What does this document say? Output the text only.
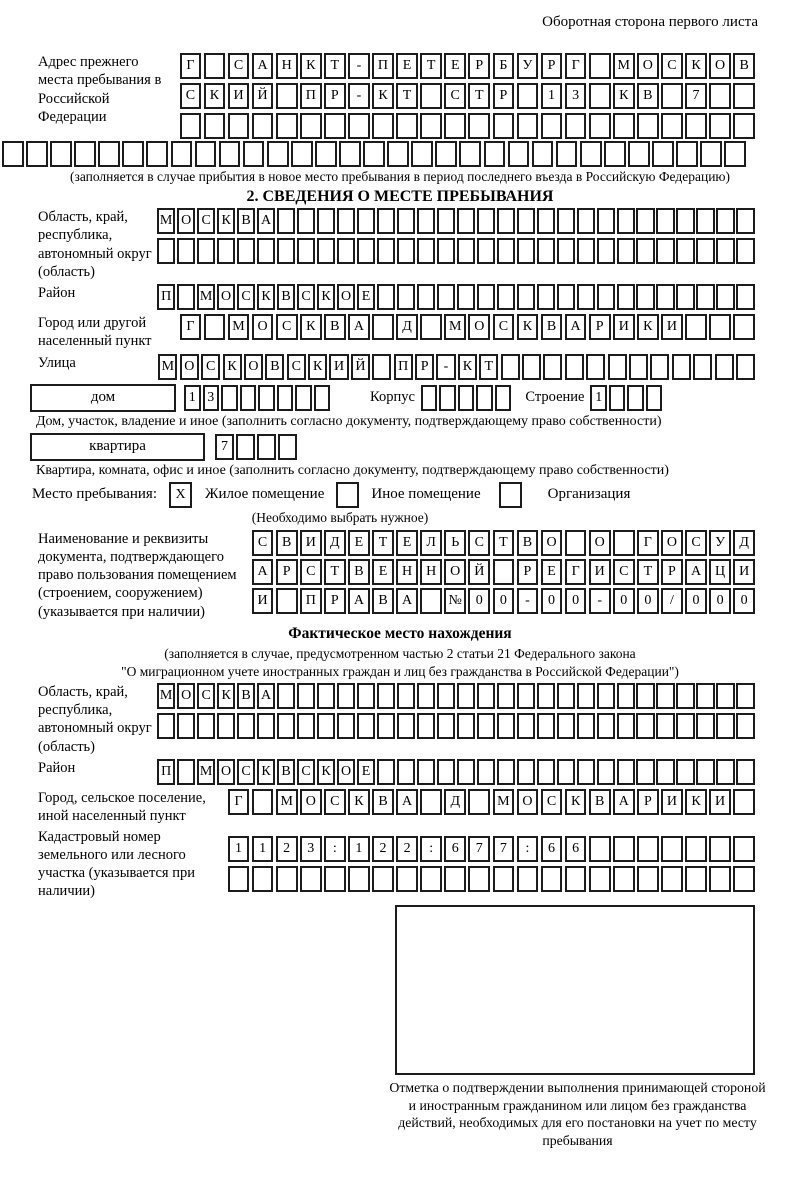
Оборотная сторона первого листа
Адрес прежнего места пребывания в Российской Федерации
Г	С	А Н	К	Т	-	П	Е	Т	Е	Р	Б	У	Р	Г	М О	С	К	О	В
С	К	И Й	П	Р	-	К	Т	С	Т	Р	1	3	К	В	7
(заполняется в случае прибытия в новое место пребывания в период последнего въезда в Российскую Федерацию)
2. СВЕДЕНИЯ О МЕСТЕ ПРЕБЫВАНИЯ
Область, край, республика, автономный округ (область)
М О С К В А
Район	П	М О С К В С К О Е
Город или другой населенный пункт
Г	М О	С	К	В	А	Д	М О	С	К	В	А	Р	И	К	И
Улица	М О С К О В С К И Й	П Р	-	К Т
дом	1 3	Корпус	Строение 1
Дом, участок, владение и иное (заполнить согласно документу, подтверждающему право собственности)
квартира	7
Квартира, комната, офис и иное (заполнить согласно документу, подтверждающему право собственности)
Место пребывания:	X	Жилое помещение	Иное помещение	Организация
(Необходимо выбрать нужное)
Наименование и реквизиты документа, подтверждающего право пользования помещением (строением, сооружением) (указывается при наличии)
С	В	И	Д	Е	Т	Е	Л	Ь	С	Т	В	О	О	Г	О	С	У	Д
А	Р	С	Т	В	Е	Н Н О Й	Р	Е	Г	И	С	Т	Р	А Ц И
И	П	Р	А	В	А	№ 0	0	-	0	0	-	0	0	/	0	0	0
Фактическое место нахождения
(заполняется в случае, предусмотренном частью 2 статьи 21 Федерального закона
"О миграционном учете иностранных граждан и лиц без гражданства в Российской Федерации")
Область, край, республика, автономный округ (область)
М О С К В А
Район	П	М О С К В С К О Е
Город, сельское поселение, иной населенный пункт
Г	М О	С	К	В	А	Д	М О	С	К	В	А	Р	И	К	И
Кадастровый номер земельного или лесного участка (указывается при наличии)
1	1	2	3	:	1	2	2	:	6	7	7	:	6	6
Отметка о подтверждении выполнения принимающей стороной и иностранным гражданином или лицом без гражданства действий, необходимых для его постановки на учет по месту пребывания
